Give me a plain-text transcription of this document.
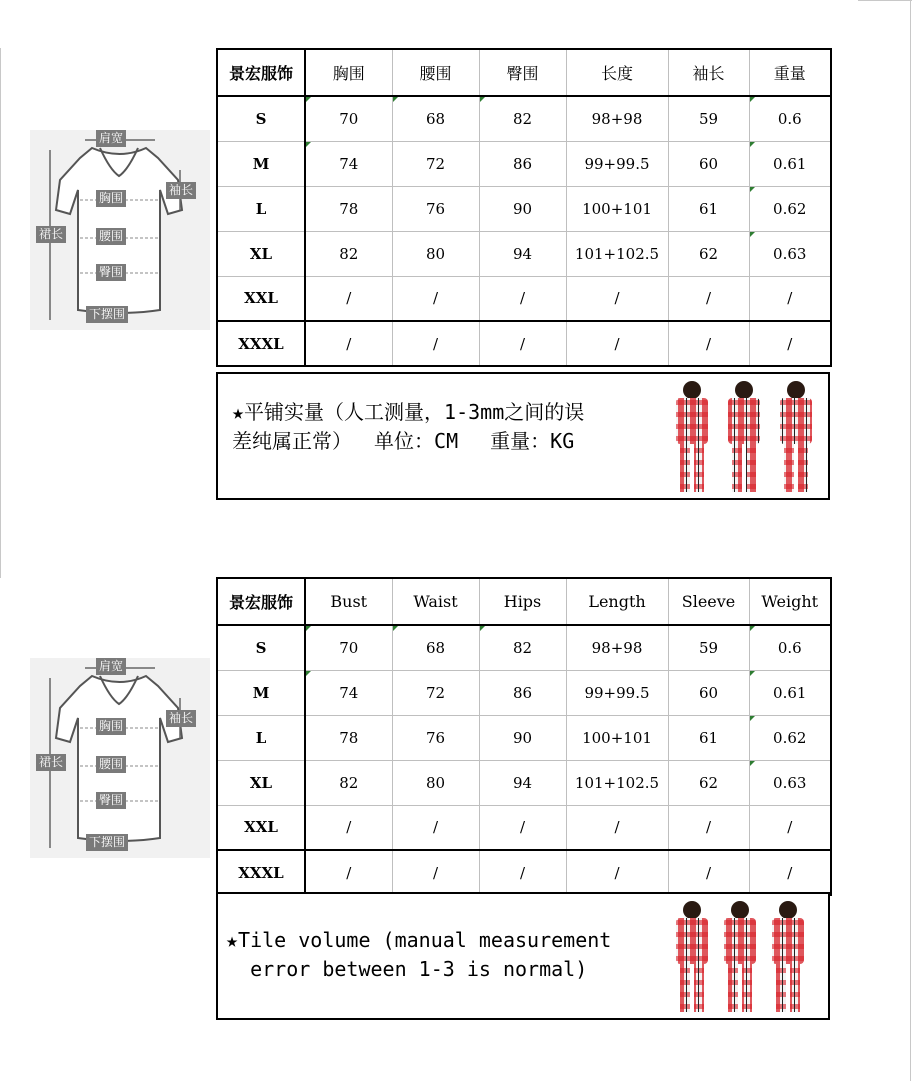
肩宽
袖长
胸围
裙长	腰围
臀围
下摆围
景宏服饰	胸围	腰围	臀围	长度	袖长	重量
S	70	68	82	98+98	59	0.6
M	74	72	86	99+99.5	60	0.61
L	78	76	90	100+101	61	0.62
XL	82	80	94	101+102.5	62	0.63
XXL	/	/	/	/	/	/
XXXL	/	/	/	/	/	/
★平铺实量（人工测量，1-3mm之间的误
差纯属正常）　 单位：CM　 重量：KG
肩宽
袖长
胸围
裙长	腰围
臀围
下摆围
景宏服饰	Bust	Waist	Hips	Length	Sleeve	Weight
S	70	68	82	98+98	59	0.6
M	74	72	86	99+99.5	60	0.61
L	78	76	90	100+101	61	0.62
XL	82	80	94	101+102.5	62	0.63
XXL	/	/	/	/	/	/
XXXL	/	/	/	/	/	/
★Tile volume (manual measurement
error between 1-3 is normal)
